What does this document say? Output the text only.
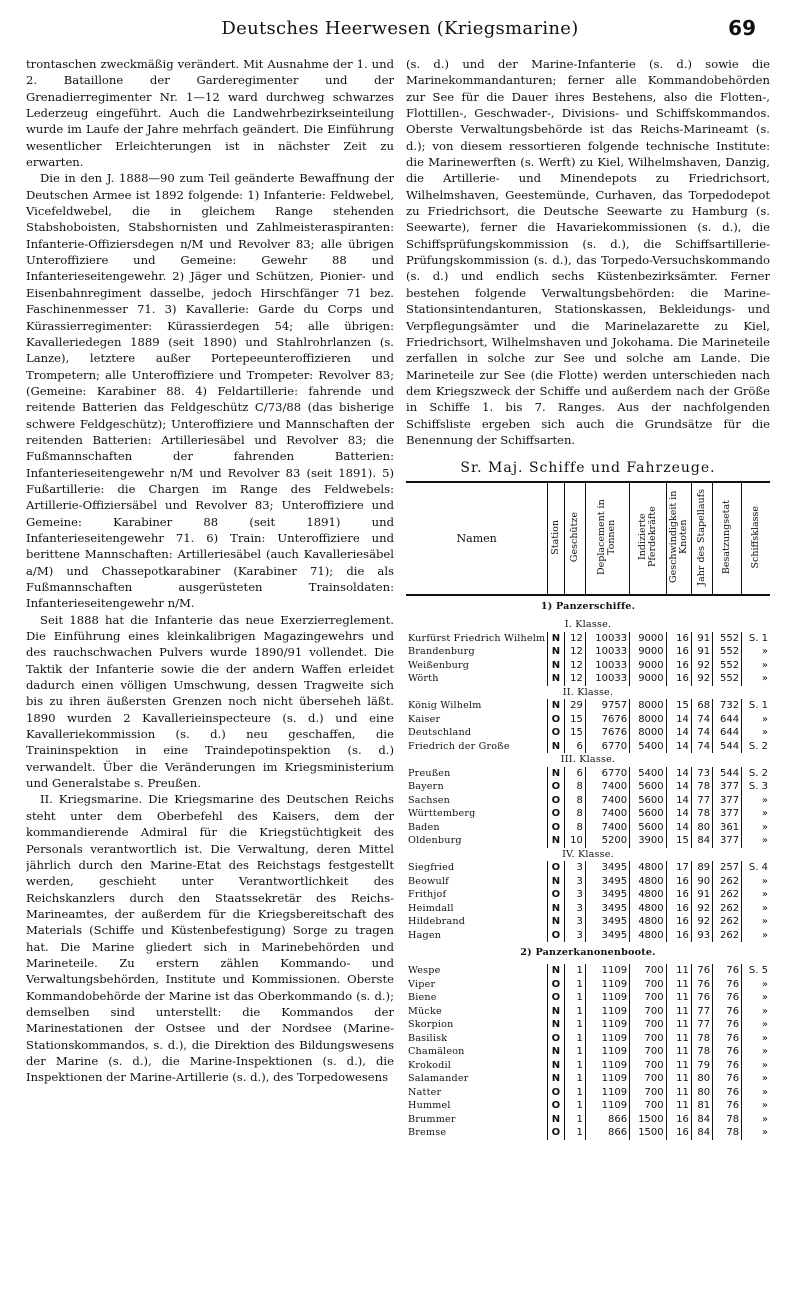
Deutsches Heerwesen (Kriegsmarine)	69

trontaschen zweckmäßig verändert. Mit Ausnahme der 1. und 2. Bataillone der Garderegimenter und der Grenadierregimenter Nr. 1—12 ward durchweg schwarzes Lederzeug eingeführt. Auch die Landwehrbezirkseinteilung wurde im Laufe der Jahre mehrfach geändert. Die Einführung wesentlicher Erleichterungen ist in nächster Zeit zu erwarten.

Die in den J. 1888—90 zum Teil geänderte Bewaffnung der Deutschen Armee ist 1892 folgende: 1) Infanterie: Feldwebel, Vicefeldwebel, die in gleichem Range stehenden Stabshoboisten, Stabshornisten und Zahlmeisteraspiranten: Infanterie-Offiziersdegen n/M und Revolver 83; alle übrigen Unteroffiziere und Gemeine: Gewehr 88 und Infanterieseitengewehr. 2) Jäger und Schützen, Pionier- und Eisenbahnregiment dasselbe, jedoch Hirschfänger 71 bez. Faschinenmesser 71. 3) Kavallerie: Garde du Corps und Kürassierregimenter: Kürassierdegen 54; alle übrigen: Kavalleriedegen 1889 (seit 1890) und Stahlrohrlanzen (s. Lanze), letztere außer Portepeeunteroffizieren und Trompetern; alle Unteroffiziere und Trompeter: Revolver 83; (Gemeine: Karabiner 88. 4) Feldartillerie: fahrende und reitende Batterien das Feldgeschütz C/73/88 (das bisherige schwere Feldgeschütz); Unteroffiziere und Mannschaften der reitenden Batterien: Artilleriesäbel und Revolver 83; die Fußmannschaften der fahrenden Batterien: Infanterieseitengewehr n/M und Revolver 83 (seit 1891). 5) Fußartillerie: die Chargen im Range des Feldwebels: Artillerie-Offiziersäbel und Revolver 83; Unteroffiziere und Gemeine: Karabiner 88 (seit 1891) und Infanterieseitengewehr 71. 6) Train: Unteroffiziere und berittene Mannschaften: Artilleriesäbel (auch Kavalleriesäbel a/M) und Chassepotkarabiner (Karabiner 71); die als Fußmannschaften ausgerüsteten Trainsoldaten: Infanterieseitengewehr n/M.

Seit 1888 hat die Infanterie das neue Exerzierreglement. Die Einführung eines kleinkalibrigen Magazingewehrs und des rauchschwachen Pulvers wurde 1890/91 vollendet. Die Taktik der Infanterie sowie die der andern Waffen erleidet dadurch einen völligen Umschwung, dessen Tragweite sich bis zu ihren äußersten Grenzen noch nicht überseheh läßt. 1890 wurden 2 Kavallerieinspecteure (s. d.) und eine Kavalleriekommission (s. d.) neu geschaffen, die Traininspektion in eine Traindepotinspektion (s. d.) verwandelt. Über die Veränderungen im Kriegsministerium und Generalstabe s. Preußen.

II. Kriegsmarine. Die Kriegsmarine des Deutschen Reichs steht unter dem Oberbefehl des Kaisers, dem der kommandierende Admiral für die Kriegstüchtigkeit des Personals verantwortlich ist. Die Verwaltung, deren Mittel jährlich durch den Marine-Etat des Reichstags festgestellt werden, geschieht unter Verantwortlichkeit des Reichskanzlers durch den Staatssekretär des Reichs-Marineamtes, der außerdem für die Kriegsbereitschaft des Materials (Schiffe und Küstenbefestigung) Sorge zu tragen hat. Die Marine gliedert sich in Marinebehörden und Marineteile. Zu erstern zählen Kommando- und Verwaltungsbehörden, Institute und Kommissionen. Oberste Kommandobehörde der Marine ist das Oberkommando (s. d.); demselben sind unterstellt: die Kommandos der Marinestationen der Ostsee und der Nordsee (Marine-Stationskommandos, s. d.), die Direktion des Bildungswesens der Marine (s. d.), die Marine-Inspektionen (s. d.), die Inspektionen der Marine-Artillerie (s. d.), des Torpedowesens

(s. d.) und der Marine-Infanterie (s. d.) sowie die Marinekommandanturen; ferner alle Kommandobehörden zur See für die Dauer ihres Bestehens, also die Flotten-, Flottillen-, Geschwader-, Divisions- und Schiffskommandos. Oberste Verwaltungsbehörde ist das Reichs-Marineamt (s. d.); von diesem ressortieren folgende technische Institute: die Marinewerften (s. Werft) zu Kiel, Wilhelmshaven, Danzig, die Artillerie- und Minendepots zu Friedrichsort, Wilhelmshaven, Geestemünde, Curhaven, das Torpedodepot zu Friedrichsort, die Deutsche Seewarte zu Hamburg (s. Seewarte), ferner die Havariekommissionen (s. d.), die Schiffsprüfungskommission (s. d.), die Schiffsartillerie-Prüfungskommission (s. d.), das Torpedo-Versuchskommando (s. d.) und endlich sechs Küstenbezirksämter. Ferner bestehen folgende Verwaltungsbehörden: die Marine-Stationsintendanturen, Stationskassen, Bekleidungs- und Verpflegungsämter und die Marinelazarette zu Kiel, Friedrichsort, Wilhelmshaven und Jokohama. Die Marineteile zerfallen in solche zur See und solche am Lande. Die Marineteile zur See (die Flotte) werden unterschieden nach dem Kriegszweck der Schiffe und außerdem nach der Größe in Schiffe 1. bis 7. Ranges. Aus der nachfolgenden Schiffsliste ergeben sich auch die Grundsätze für die Benennung der Schiffsarten.

Sr. Maj. Schiffe und Fahrzeuge.
Namen	Station	Geschütze	Deplacement in Tonnen	Indizierte Pferdekräfte	Geschwindigkeit in Knoten	Jahr des Stapellaufs	Besatzungsetat	Schiffsklasse
1) Panzerschiffe.								
I. Klasse.								
Kurfürst Friedrich Wilhelm	N	12	10033	9000	16	91	552	S. 1
Brandenburg	N	12	10033	9000	16	91	552	»
Weißenburg	N	12	10033	9000	16	92	552	»
Wörth	N	12	10033	9000	16	92	552	»
II. Klasse.								
König Wilhelm	N	29	9757	8000	15	68	732	S. 1
Kaiser	O	15	7676	8000	14	74	644	»
Deutschland	O	15	7676	8000	14	74	644	»
Friedrich der Große	N	6	6770	5400	14	74	544	S. 2
III. Klasse.								
Preußen	N	6	6770	5400	14	73	544	S. 2
Bayern	O	8	7400	5600	14	78	377	S. 3
Sachsen	O	8	7400	5600	14	77	377	»
Württemberg	O	8	7400	5600	14	78	377	»
Baden	O	8	7400	5600	14	80	361	»
Oldenburg	N	10	5200	3900	15	84	377	»
IV. Klasse.								
Siegfried	O	3	3495	4800	17	89	257	S. 4
Beowulf	N	3	3495	4800	16	90	262	»
Frithjof	O	3	3495	4800	16	91	262	»
Heimdall	N	3	3495	4800	16	92	262	»
Hildebrand	N	3	3495	4800	16	92	262	»
Hagen	O	3	3495	4800	16	93	262	»
2) Panzerkanonenboote.								
Wespe	N	1	1109	700	11	76	76	S. 5
Viper	O	1	1109	700	11	76	76	»
Biene	O	1	1109	700	11	76	76	»
Mücke	N	1	1109	700	11	77	76	»
Skorpion	N	1	1109	700	11	77	76	»
Basilisk	O	1	1109	700	11	78	76	»
Chamäleon	N	1	1109	700	11	78	76	»
Krokodil	N	1	1109	700	11	79	76	»
Salamander	N	1	1109	700	11	80	76	»
Natter	O	1	1109	700	11	80	76	»
Hummel	O	1	1109	700	11	81	76	»
Brummer	N	1	866	1500	16	84	78	»
Bremse	O	1	866	1500	16	84	78	»
